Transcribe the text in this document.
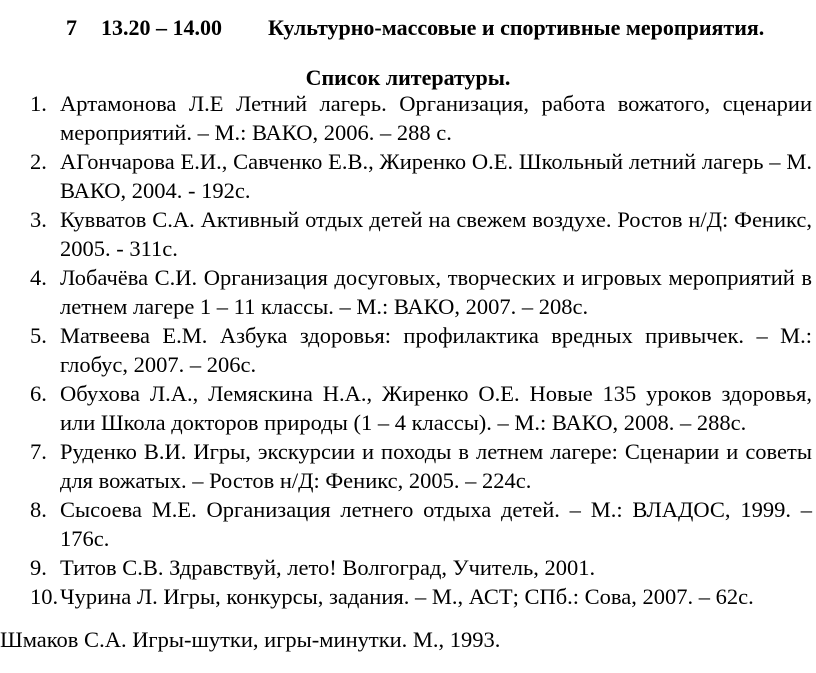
7 13.20 – 14.00 Культурно-массовые и спортивные мероприятия.
Список литературы.
1. Артамонова Л.Е Летний лагерь. Организация, работа вожатого, сценарии мероприятий. – М.: ВАКО, 2006. – 288 с.
2. АГончарова Е.И., Савченко Е.В., Жиренко О.Е. Школьный летний лагерь – М. ВАКО, 2004. - 192с.
3. Кувватов С.А. Активный отдых детей на свежем воздухе. Ростов н/Д: Феникс, 2005. - 311с.
4. Лобачёва С.И. Организация досуговых, творческих и игровых мероприятий в летнем лагере 1 – 11 классы. – М.: ВАКО, 2007. – 208с.
5. Матвеева Е.М. Азбука здоровья: профилактика вредных привычек. – М.: глобус, 2007. – 206с.
6. Обухова Л.А., Лемяскина Н.А., Жиренко О.Е. Новые 135 уроков здоровья, или Школа докторов природы (1 – 4 классы). – М.: ВАКО, 2008. – 288с.
7. Руденко В.И. Игры, экскурсии и походы в летнем лагере: Сценарии и советы для вожатых. – Ростов н/Д: Феникс, 2005. – 224с.
8. Сысоева М.Е. Организация летнего отдыха детей. – М.: ВЛАДОС, 1999. – 176с.
9. Титов С.В. Здравствуй, лето! Волгоград, Учитель, 2001.
10. Чурина Л. Игры, конкурсы, задания. – М., АСТ; СПб.: Сова, 2007. – 62с.
Шмаков С.А. Игры-шутки, игры-минутки. М., 1993.
